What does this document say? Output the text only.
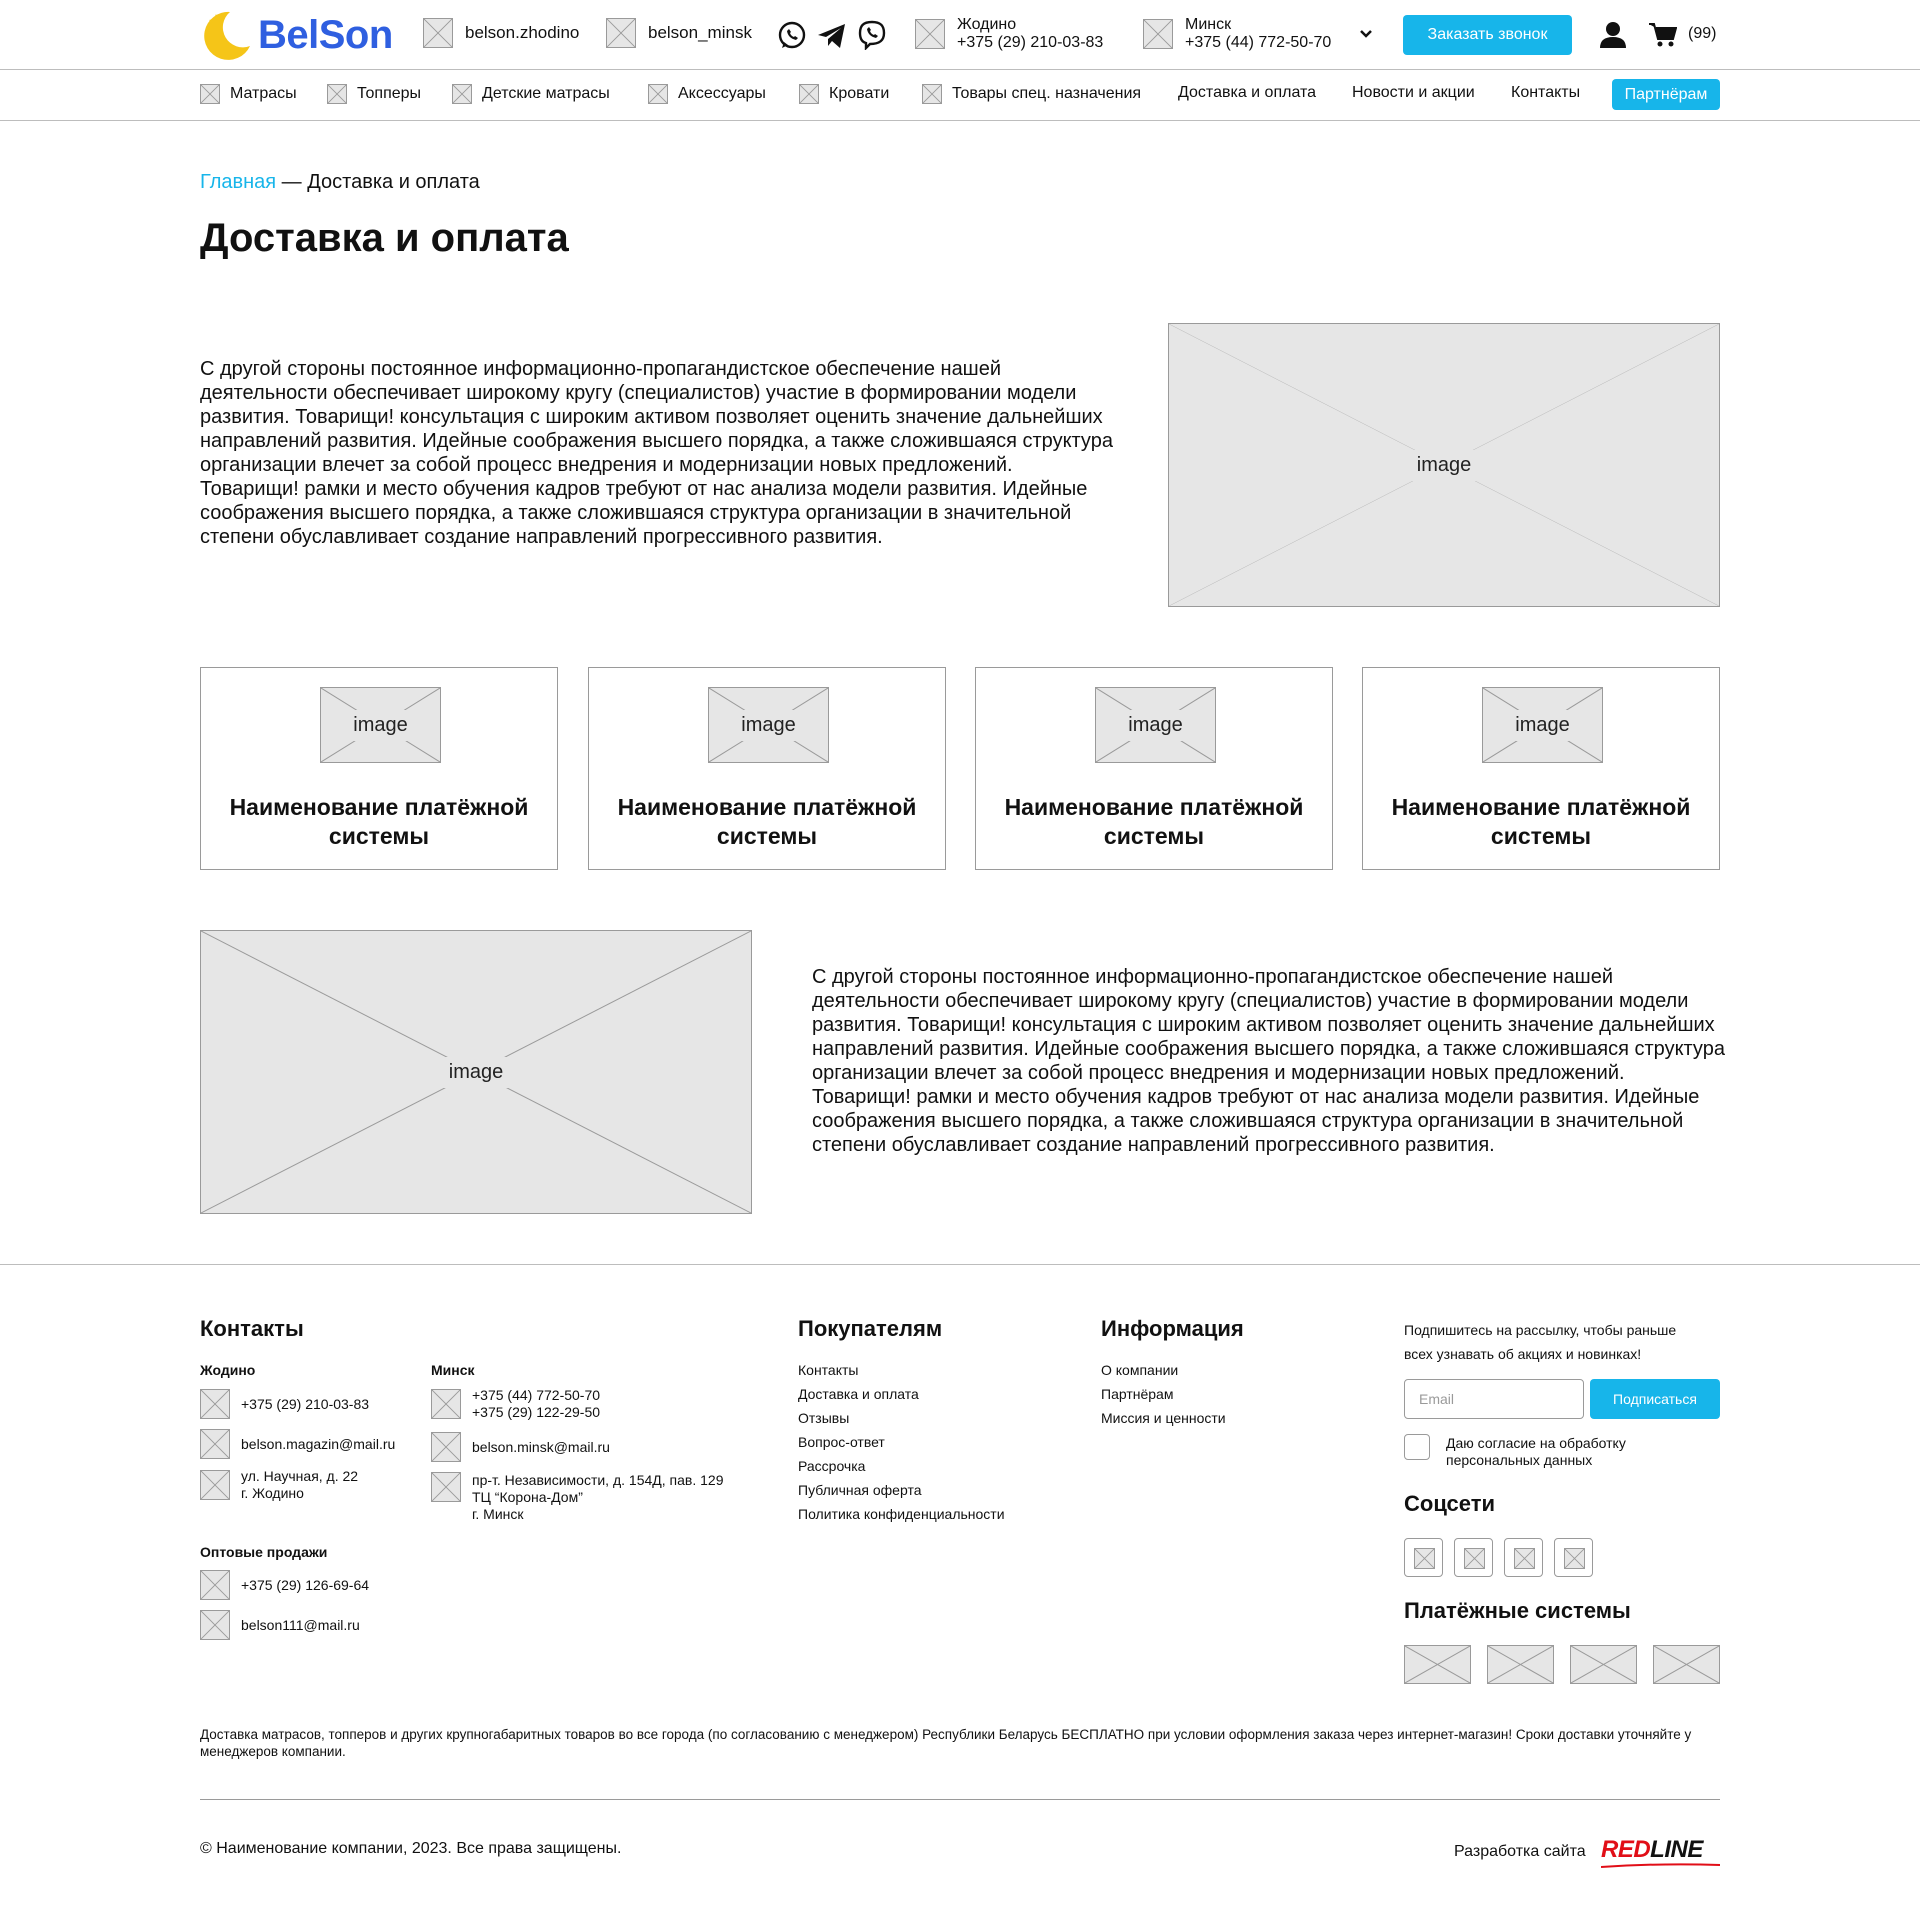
BelSon	belson.zhodino	belson_minsk	Жодино
+375 (29) 210-03-83
Минск
+375 (44) 772-50-70	Заказать звонок	(99)
Матрасы	Топперы	Детские матрасы	Аксессуары	Кровати	Товары спец. назначения Доставка и оплата Новости и акции Контакты	Партнёрам
Главная — Доставка и оплата
Доставка и оплата
С другой стороны постоянное информационно-пропагандистское обеспечение нашей деятельности обеспечивает широкому кругу (специалистов) участие в формировании модели развития. Товарищи! консультация с широким активом позволяет оценить значение дальнейших направлений развития. Идейные соображения высшего порядка, а также сложившаяся структура организации влечет за собой процесс внедрения и модернизации новых предложений. Товарищи! рамки и место обучения кадров требуют от нас анализа модели развития. Идейные соображения высшего порядка, а также сложившаяся структура организации в значительной степени обуславливает создание направлений прогрессивного развития.
image
image
Наименование платёжной системы
image
Наименование платёжной системы
image
Наименование платёжной системы
image
Наименование платёжной системы
image
С другой стороны постоянное информационно-пропагандистское обеспечение нашей деятельности обеспечивает широкому кругу (специалистов) участие в формировании модели развития. Товарищи! консультация с широким активом позволяет оценить значение дальнейших направлений развития. Идейные соображения высшего порядка, а также сложившаяся структура организации влечет за собой процесс внедрения и модернизации новых предложений. Товарищи! рамки и место обучения кадров требуют от нас анализа модели развития. Идейные соображения высшего порядка, а также сложившаяся структура организации в значительной степени обуславливает создание направлений прогрессивного развития.
Контакты
Жодино
+375 (29) 210-03-83
belson.magazin@mail.ru
ул. Научная, д. 22
г. Жодино
Минск
+375 (44) 772-50-70
+375 (29) 122-29-50
belson.minsk@mail.ru
пр-т. Независимости, д. 154Д, пав. 129
ТЦ “Корона-Дом”
г. Минск
Оптовые продажи
+375 (29) 126-69-64
belson111@mail.ru
Покупателям
Контакты
Доставка и оплата
Отзывы
Вопрос-ответ
Рассрочка
Публичная оферта
Политика конфиденциальности
Информация
О компании
Партнёрам
Миссия и ценности
Подпишитесь на рассылку, чтобы раньше
всех узнавать об акциях и новинках!
Email
Подписаться
Даю согласие на обработку
персональных данных
Соцсети
Платёжные системы
Доставка матрасов, топперов и других крупногабаритных товаров во все города (по согласованию с менеджером) Республики Беларусь БЕСПЛАТНО при условии оформления заказа через интернет-магазин! Сроки доставки уточняйте у менеджеров компании.
© Наименование компании, 2023. Все права защищены.	Разработка сайта REDLINE
